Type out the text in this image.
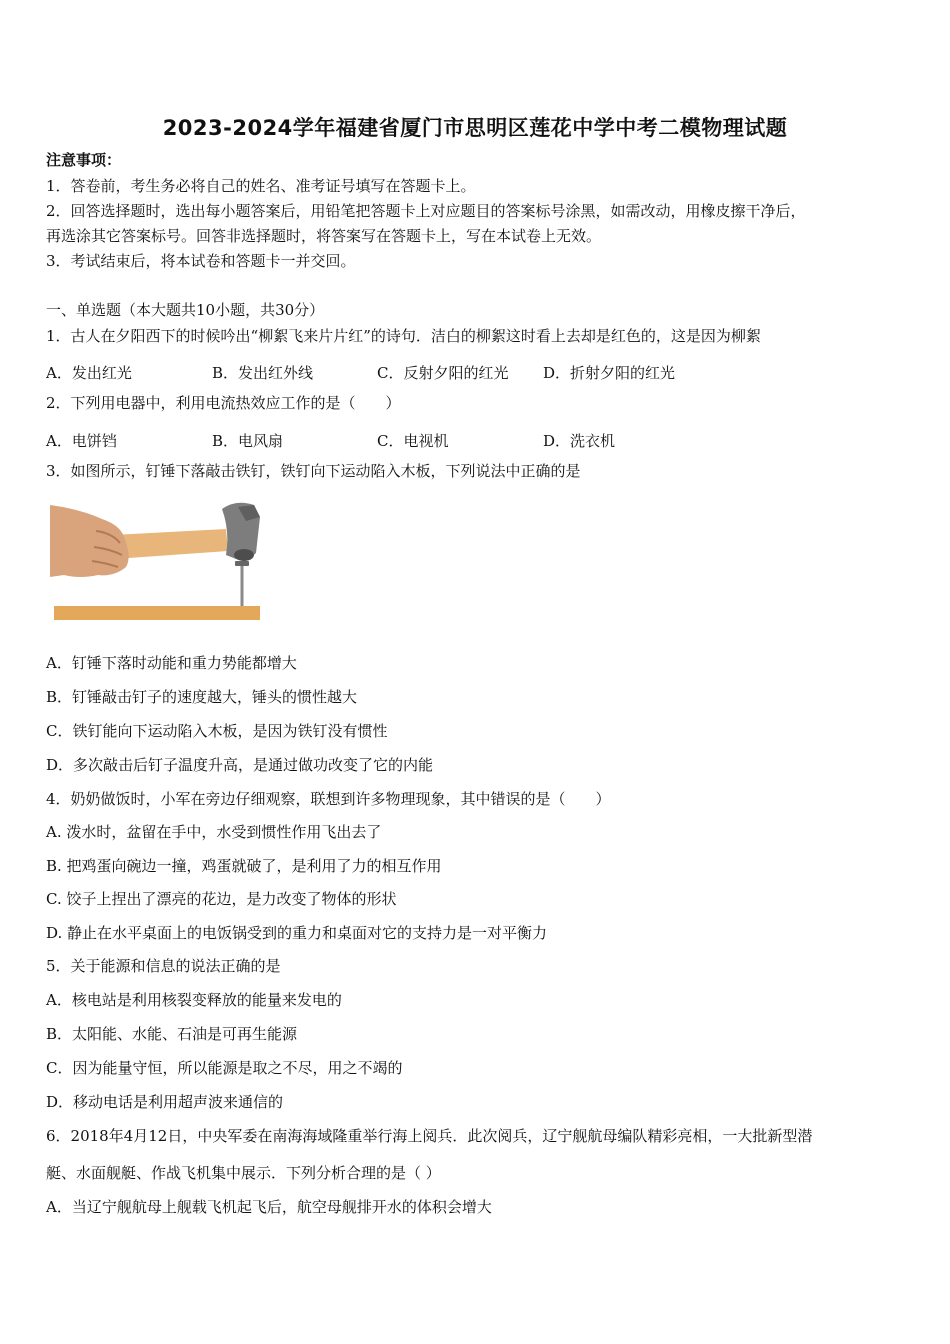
2023-2024学年福建省厦门市思明区莲花中学中考二模物理试题
注意事项：
1．答卷前，考生务必将自己的姓名、准考证号填写在答题卡上。
2．回答选择题时，选出每小题答案后，用铅笔把答题卡上对应题目的答案标号涂黑，如需改动，用橡皮擦干净后，
再选涂其它答案标号。回答非选择题时，将答案写在答题卡上，写在本试卷上无效。
3．考试结束后，将本试卷和答题卡一并交回。
一、单选题（本大题共10小题，共30分）
1．古人在夕阳西下的时候吟出“柳絮飞来片片红”的诗句．洁白的柳絮这时看上去却是红色的，这是因为柳絮
A．发出红光	B．发出红外线	C．反射夕阳的红光 D．折射夕阳的红光
2．下列用电器中，利用电流热效应工作的是（　　）
A．电饼铛	B．电风扇	C．电视机	D．洗衣机
3．如图所示，钉锤下落敲击铁钉，铁钉向下运动陷入木板，下列说法中正确的是
A．钉锤下落时动能和重力势能都增大
B．钉锤敲击钉子的速度越大，锤头的惯性越大
C．铁钉能向下运动陷入木板，是因为铁钉没有惯性
D．多次敲击后钉子温度升高，是通过做功改变了它的内能
4．奶奶做饭时，小军在旁边仔细观察，联想到许多物理现象，其中错误的是（　　）
A. 泼水时，盆留在手中，水受到惯性作用飞出去了
B. 把鸡蛋向碗边一撞，鸡蛋就破了，是利用了力的相互作用
C. 饺子上捏出了漂亮的花边，是力改变了物体的形状
D. 静止在水平桌面上的电饭锅受到的重力和桌面对它的支持力是一对平衡力
5．关于能源和信息的说法正确的是
A．核电站是利用核裂变释放的能量来发电的
B．太阳能、水能、石油是可再生能源
C．因为能量守恒，所以能源是取之不尽，用之不竭的
D．移动电话是利用超声波来通信的
6．2018年4月12日，中央军委在南海海域隆重举行海上阅兵．此次阅兵，辽宁舰航母编队精彩亮相，一大批新型潜
艇、水面舰艇、作战飞机集中展示．下列分析合理的是（ ）
A．当辽宁舰航母上舰载飞机起飞后，航空母舰排开水的体积会增大
